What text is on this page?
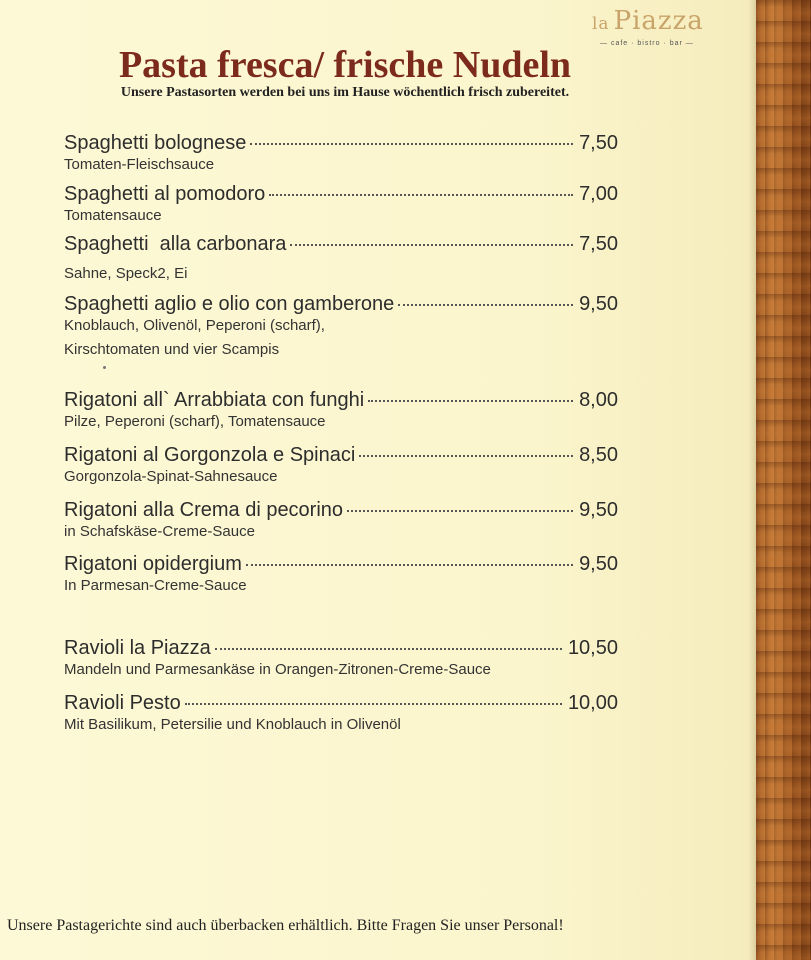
la Piazza
— cafe · bistro · bar —
Pasta fresca/ frische Nudeln

Unsere Pastasorten werden bei uns im Hause wöchentlich frisch zubereitet.

Spaghetti bolognese	7,50
Tomaten-Fleischsauce
Spaghetti al pomodoro	7,00
Tomatensauce
Spaghetti  alla carbonara	7,50
Sahne, Speck2, Ei
Spaghetti aglio e olio con gamberone	9,50
Knoblauch, Olivenöl, Peperoni (scharf),
Kirschtomaten und vier Scampis
Rigatoni all` Arrabbiata con funghi	8,00
Pilze, Peperoni (scharf), Tomatensauce
Rigatoni al Gorgonzola e Spinaci	8,50
Gorgonzola-Spinat-Sahnesauce
Rigatoni alla Crema di pecorino	9,50
in Schafskäse-Creme-Sauce
Rigatoni opidergium	9,50
In Parmesan-Creme-Sauce
Ravioli la Piazza	10,50
Mandeln und Parmesankäse in Orangen-Zitronen-Creme-Sauce
Ravioli Pesto	10,00
Mit Basilikum, Petersilie und Knoblauch in Olivenöl

Unsere Pastagerichte sind auch überbacken erhältlich. Bitte Fragen Sie unser Personal!
